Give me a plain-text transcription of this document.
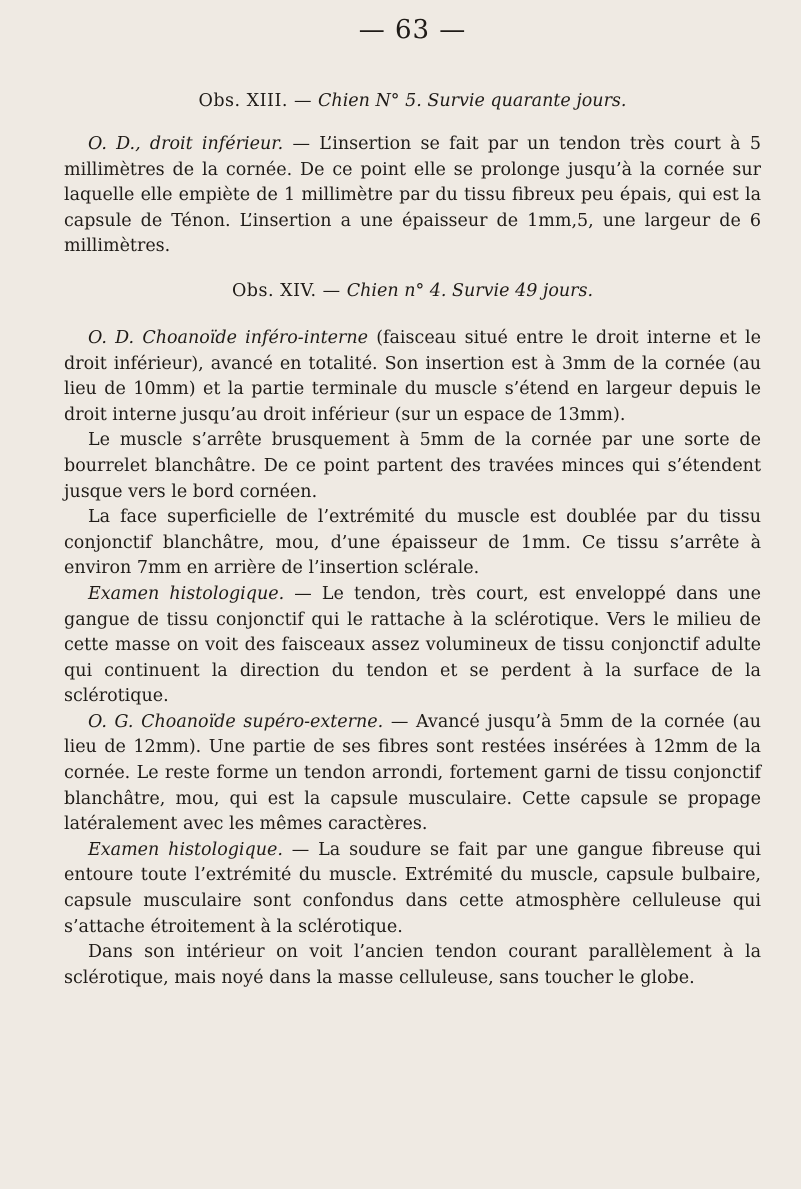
— 63 —
Obs. XIII. — Chien N° 5. Survie quarante jours.

O. D., droit inférieur. — L’insertion se fait par un tendon très court à 5 millimètres de la cornée. De ce point elle se prolonge jusqu’à la cornée sur laquelle elle empiète de 1 millimètre par du tissu fibreux peu épais, qui est la capsule de Ténon. L’insertion a une épaisseur de 1mm,5, une largeur de 6 millimètres.

Obs. XIV. — Chien n° 4. Survie 49 jours.

O. D. Choanoïde inféro-interne (faisceau situé entre le droit interne et le droit inférieur), avancé en totalité. Son insertion est à 3mm de la cornée (au lieu de 10mm) et la partie terminale du muscle s’étend en largeur depuis le droit interne jusqu’au droit inférieur (sur un espace de 13mm).

Le muscle s’arrête brusquement à 5mm de la cornée par une sorte de bourrelet blanchâtre. De ce point partent des travées minces qui s’étendent jusque vers le bord cornéen.

La face superficielle de l’extrémité du muscle est doublée par du tissu conjonctif blanchâtre, mou, d’une épaisseur de 1mm. Ce tissu s’arrête à environ 7mm en arrière de l’insertion sclérale.

Examen histologique. — Le tendon, très court, est enveloppé dans une gangue de tissu conjonctif qui le rattache à la sclérotique. Vers le milieu de cette masse on voit des faisceaux assez volumineux de tissu conjonctif adulte qui continuent la direction du tendon et se perdent à la surface de la sclérotique.

O. G. Choanoïde supéro-externe. — Avancé jusqu’à 5mm de la cornée (au lieu de 12mm). Une partie de ses fibres sont restées insérées à 12mm de la cornée. Le reste forme un tendon arrondi, fortement garni de tissu conjonctif blanchâtre, mou, qui est la capsule musculaire. Cette capsule se propage latéralement avec les mêmes caractères.

Examen histologique. — La soudure se fait par une gangue fibreuse qui entoure toute l’extrémité du muscle. Extrémité du muscle, capsule bulbaire, capsule musculaire sont confondus dans cette atmosphère celluleuse qui s’attache étroitement à la sclérotique.

Dans son intérieur on voit l’ancien tendon courant parallèlement à la sclérotique, mais noyé dans la masse celluleuse, sans toucher le globe.
